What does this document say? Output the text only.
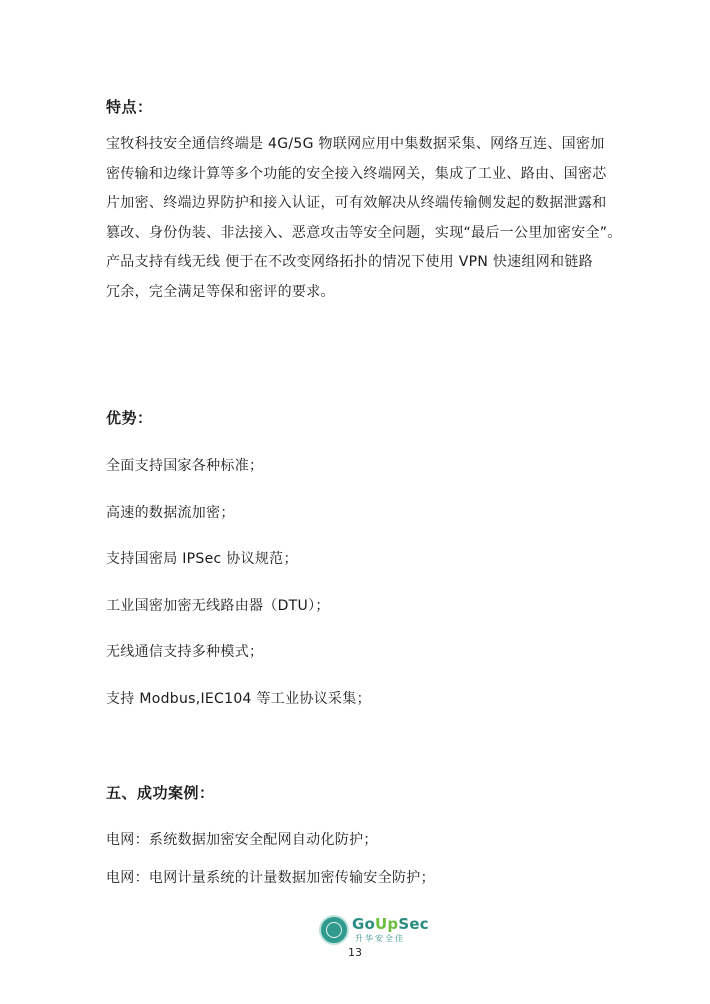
特点：
宝牧科技安全通信终端是 4G/5G 物联网应用中集数据采集、网络互连、国密加
密传输和边缘计算等多个功能的安全接入终端网关，集成了工业、路由、国密芯
片加密、终端边界防护和接入认证，可有效解决从终端传输侧发起的数据泄露和
篡改、身份伪装、非法接入、恶意攻击等安全问题，实现“最后一公里加密安全”。
产品支持有线无线 便于在不改变网络拓扑的情况下使用 VPN 快速组网和链路
冗余，完全满足等保和密评的要求。
优势：
全面支持国家各种标准；
高速的数据流加密；
支持国密局 IPSec 协议规范；
工业国密加密无线路由器（DTU）；
无线通信支持多种模式；
支持 Modbus,IEC104 等工业协议采集；
五、成功案例：
电网：系统数据加密安全配网自动化防护；
电网：电网计量系统的计量数据加密传输安全防护；
GoUpSec
升华安全佳
13
